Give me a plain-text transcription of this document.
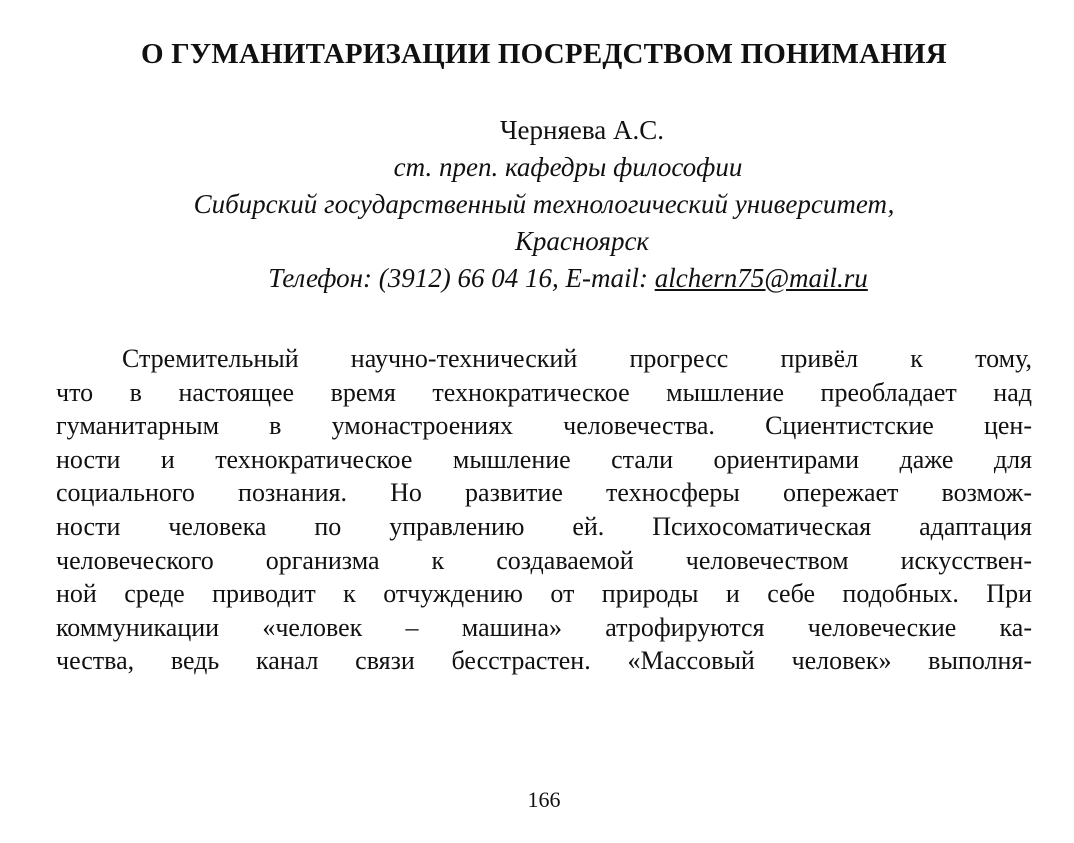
О ГУМАНИТАРИЗАЦИИ ПОСРЕДСТВОМ ПОНИМАНИЯ
Черняева А.С.
ст. преп. кафедры философии
Сибирский государственный технологический университет,
Красноярск
Телефон: (3912) 66 04 16, E-mail: alchern75@mail.ru
Стремительный научно-технический прогресс привёл к тому,
что в настоящее время технократическое мышление преобладает над
гуманитарным в умонастроениях человечества. Сциентистские цен-
ности и технократическое мышление стали ориентирами даже для
социального познания. Но развитие техносферы опережает возмож-
ности человека по управлению ей. Психосоматическая адаптация
человеческого организма к создаваемой человечеством искусствен-
ной среде приводит к отчуждению от природы и себе подобных. При
коммуникации «человек – машина» атрофируются человеческие ка-
чества, ведь канал связи бесстрастен. «Массовый человек» выполня-
166
